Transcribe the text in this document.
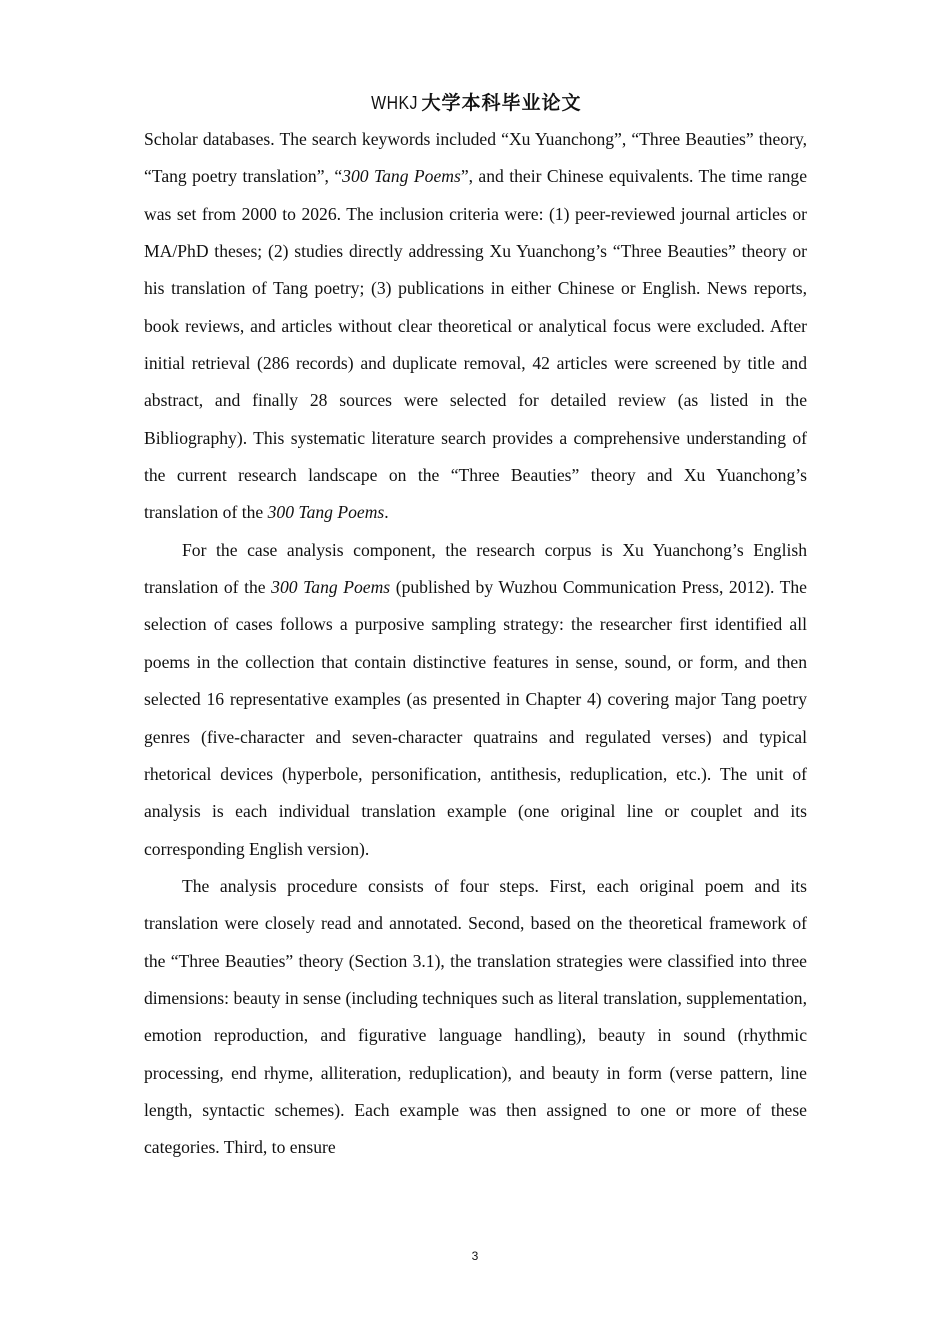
WHKJ 大学本科毕业论文

Scholar databases. The search keywords included “Xu Yuanchong”, “Three Beauties” theory, “Tang poetry translation”, “300 Tang Poems”, and their Chinese equivalents. The time range was set from 2000 to 2026. The inclusion criteria were: (1) peer-reviewed journal articles or MA/PhD theses; (2) studies directly addressing Xu Yuanchong’s “Three Beauties” theory or his translation of Tang poetry; (3) publications in either Chinese or English. News reports, book reviews, and articles without clear theoretical or analytical focus were excluded. After initial retrieval (286 records) and duplicate removal, 42 articles were screened by title and abstract, and finally 28 sources were selected for detailed review (as listed in the Bibliography). This systematic literature search provides a comprehensive understanding of the current research landscape on the “Three Beauties” theory and Xu Yuanchong’s translation of the 300 Tang Poems.

For the case analysis component, the research corpus is Xu Yuanchong’s English translation of the 300 Tang Poems (published by Wuzhou Communication Press, 2012). The selection of cases follows a purposive sampling strategy: the researcher first identified all poems in the collection that contain distinctive features in sense, sound, or form, and then selected 16 representative examples (as presented in Chapter 4) covering major Tang poetry genres (five-character and seven-character quatrains and regulated verses) and typical rhetorical devices (hyperbole, personification, antithesis, reduplication, etc.). The unit of analysis is each individual translation example (one original line or couplet and its corresponding English version).

The analysis procedure consists of four steps. First, each original poem and its translation were closely read and annotated. Second, based on the theoretical framework of the “Three Beauties” theory (Section 3.1), the translation strategies were classified into three dimensions: beauty in sense (including techniques such as literal translation, supplementation, emotion reproduction, and figurative language handling), beauty in sound (rhythmic processing, end rhyme, alliteration, reduplication), and beauty in form (verse pattern, line length, syntactic schemes). Each example was then assigned to one or more of these categories. Third, to ensure

3
